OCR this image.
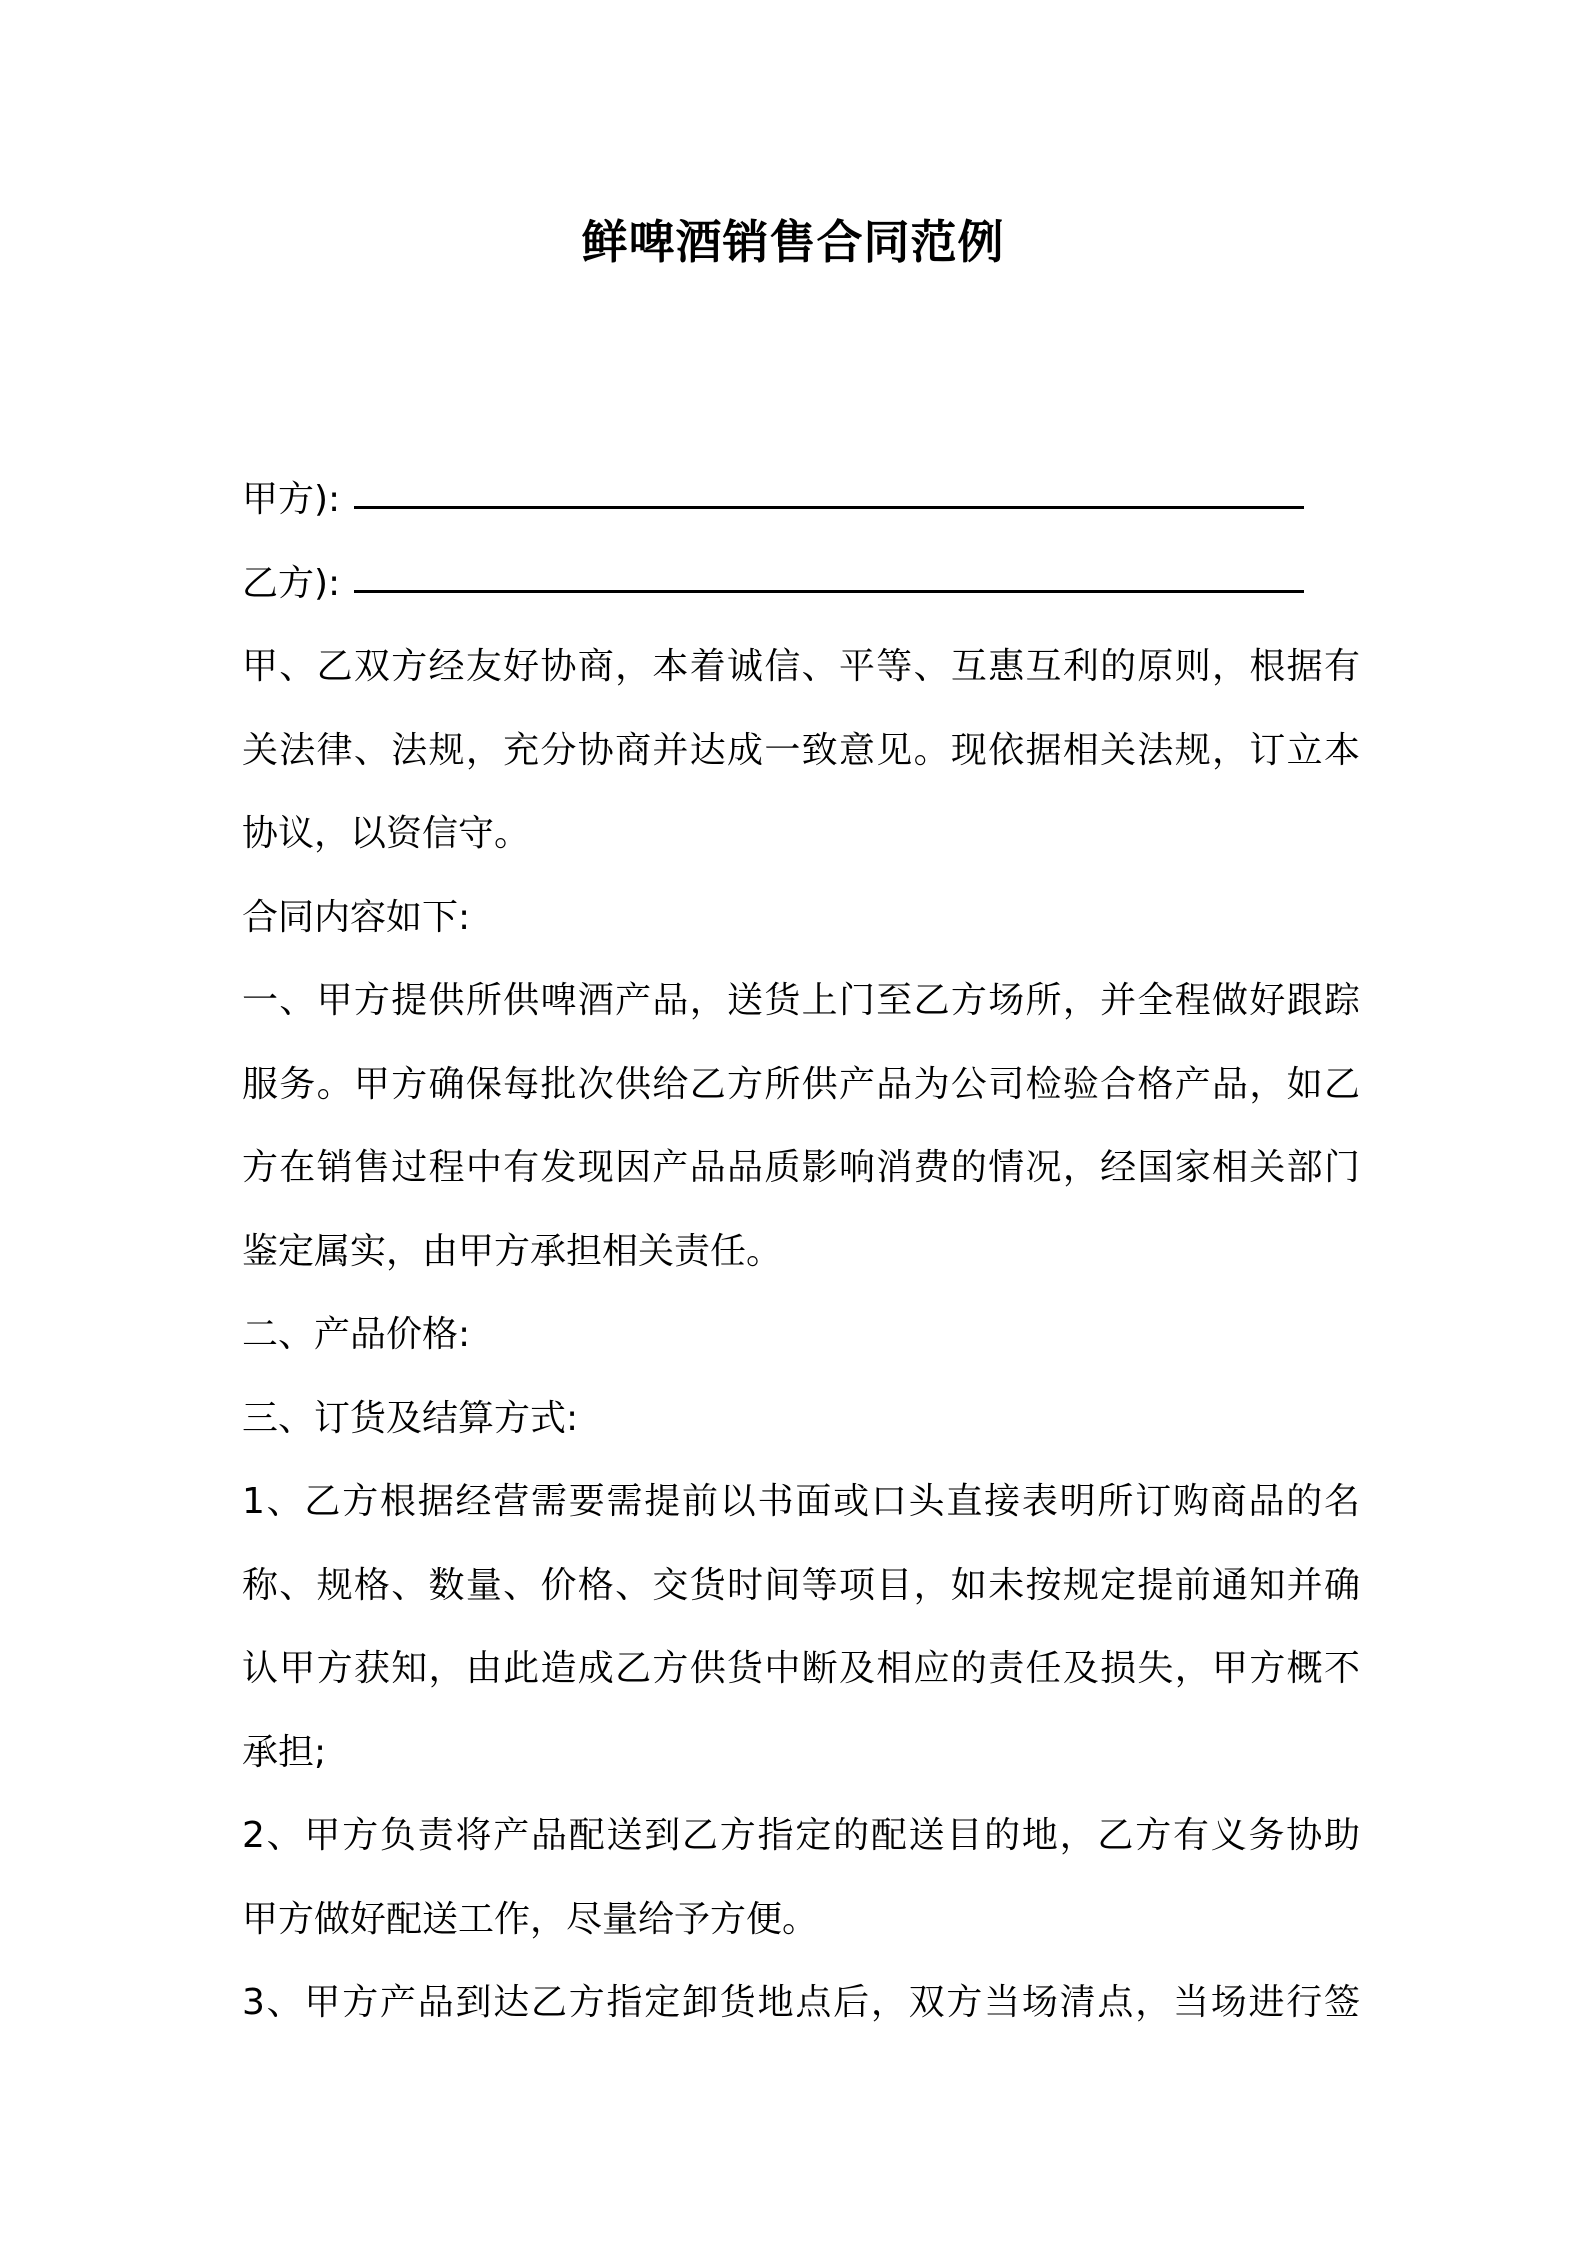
鲜啤酒销售合同范例
甲方):
乙方):
甲、乙双方经友好协商，本着诚信、平等、互惠互利的原则，根据有
关法律、法规，充分协商并达成一致意见。现依据相关法规，订立本
协议，以资信守。
合同内容如下:
一、甲方提供所供啤酒产品，送货上门至乙方场所，并全程做好跟踪
服务。甲方确保每批次供给乙方所供产品为公司检验合格产品，如乙
方在销售过程中有发现因产品品质影响消费的情况，经国家相关部门
鉴定属实，由甲方承担相关责任。
二、产品价格:
三、订货及结算方式:
1、乙方根据经营需要需提前以书面或口头直接表明所订购商品的名
称、规格、数量、价格、交货时间等项目，如未按规定提前通知并确
认甲方获知，由此造成乙方供货中断及相应的责任及损失，甲方概不
承担;
2、甲方负责将产品配送到乙方指定的配送目的地，乙方有义务协助
甲方做好配送工作，尽量给予方便。
3、甲方产品到达乙方指定卸货地点后，双方当场清点，当场进行签
